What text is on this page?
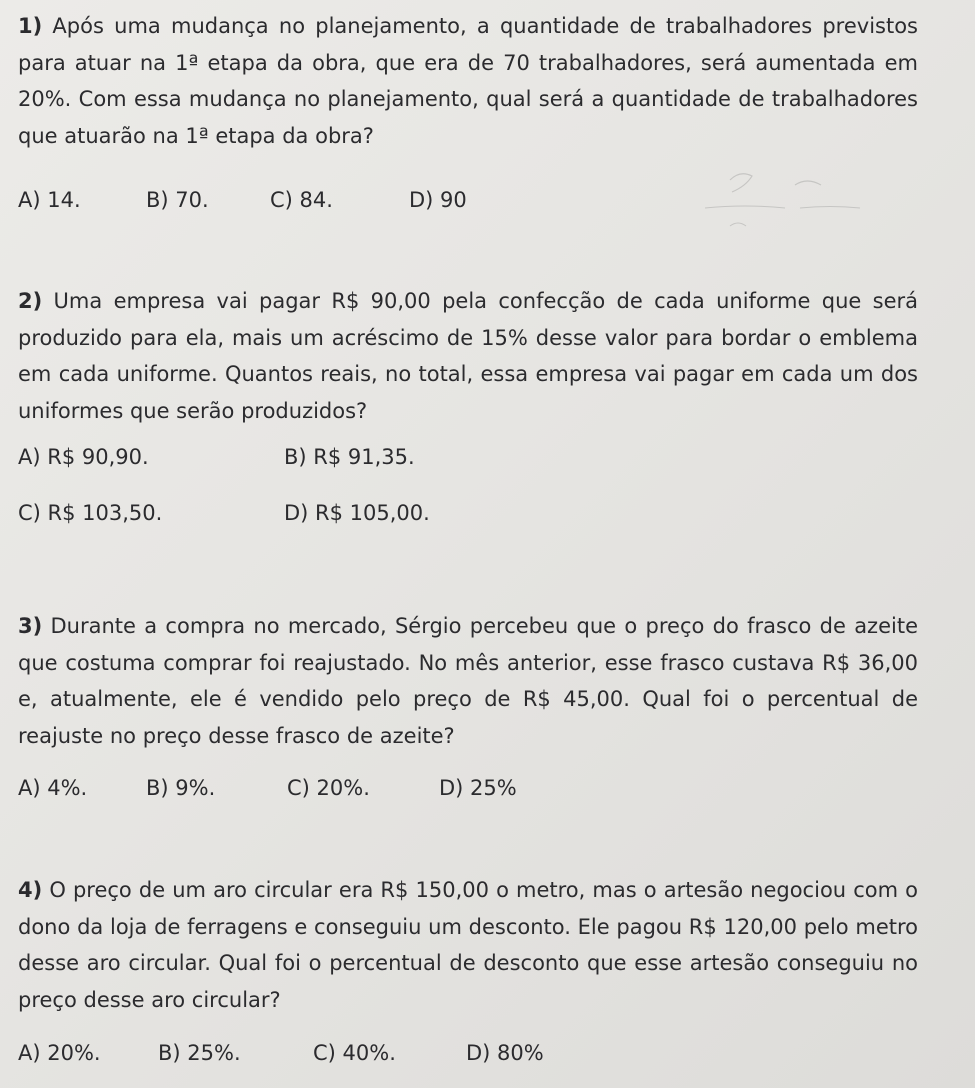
1) Após uma mudança no planejamento, a quantidade de trabalhadores previstos para atuar na 1ª etapa da obra, que era de 70 trabalhadores, será aumentada em 20%. Com essa mudança no planejamento, qual será a quantidade de trabalhadores que atuarão na 1ª etapa da obra?

A) 14.	B) 70.	C) 84.	D) 90

2) Uma empresa vai pagar R$ 90,00 pela confecção de cada uniforme que será produzido para ela, mais um acréscimo de 15% desse valor para bordar o emblema em cada uniforme. Quantos reais, no total, essa empresa vai pagar em cada um dos uniformes que serão produzidos?

A) R$ 90,90.	B) R$ 91,35.
C) R$ 103,50.	D) R$ 105,00.

3) Durante a compra no mercado, Sérgio percebeu que o preço do frasco de azeite que costuma comprar foi reajustado. No mês anterior, esse frasco custava R$ 36,00 e, atualmente, ele é vendido pelo preço de R$ 45,00. Qual foi o percentual de reajuste no preço desse frasco de azeite?

A) 4%.	B) 9%.	C) 20%.	D) 25%

4) O preço de um aro circular era R$ 150,00 o metro, mas o artesão negociou com o dono da loja de ferragens e conseguiu um desconto. Ele pagou R$ 120,00 pelo metro desse aro circular. Qual foi o percentual de desconto que esse artesão conseguiu no preço desse aro circular?

A) 20%.	B) 25%.	C) 40%.	D) 80%
